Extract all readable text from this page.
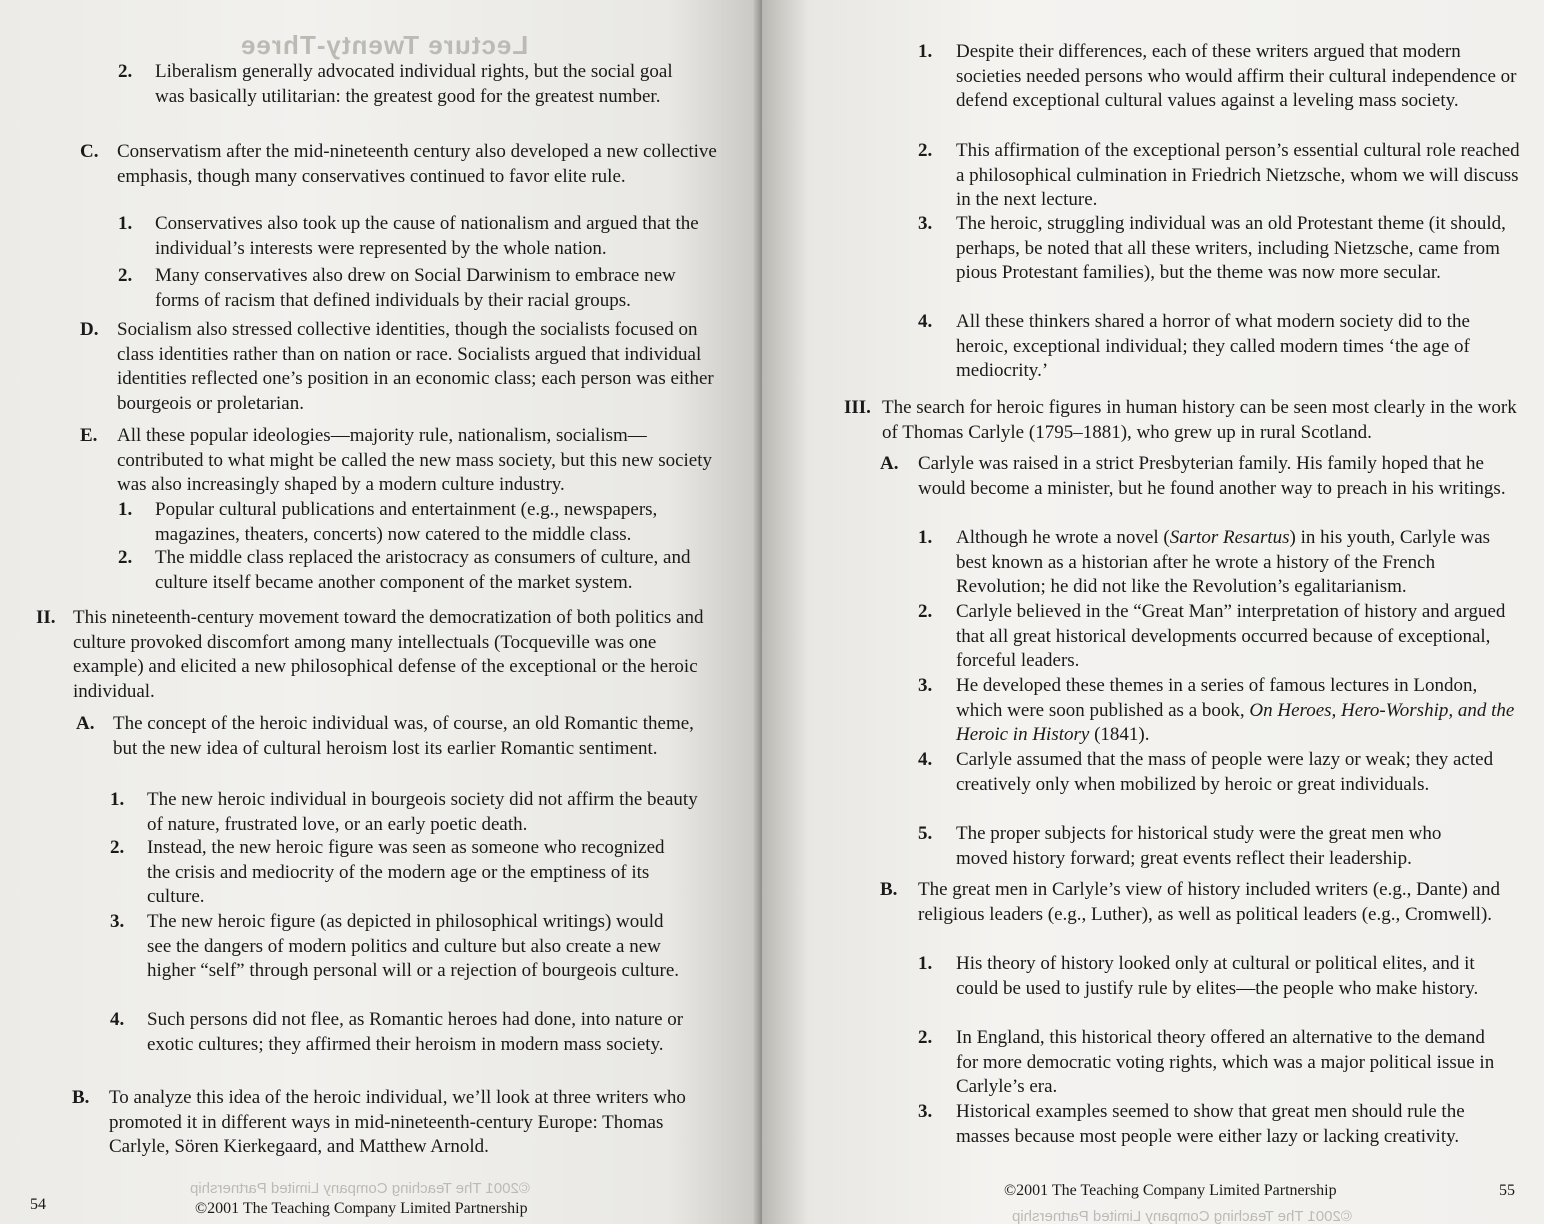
Lecture Twenty-Three
2. Liberalism generally advocated individual rights, but the social goal was basically utilitarian: the greatest good for the greatest number.
C. Conservatism after the mid-nineteenth century also developed a new collective emphasis, though many conservatives continued to favor elite rule.
1. Conservatives also took up the cause of nationalism and argued that the individual’s interests were represented by the whole nation.
2. Many conservatives also drew on Social Darwinism to embrace new forms of racism that defined individuals by their racial groups.
D. Socialism also stressed collective identities, though the socialists focused on class identities rather than on nation or race. Socialists argued that individual identities reflected one’s position in an economic class; each person was either bourgeois or proletarian.
E. All these popular ideologies—majority rule, nationalism, socialism—contributed to what might be called the new mass society, but this new society was also increasingly shaped by a modern culture industry.
1. Popular cultural publications and entertainment (e.g., newspapers, magazines, theaters, concerts) now catered to the middle class.
2. The middle class replaced the aristocracy as consumers of culture, and culture itself became another component of the market system.
II. This nineteenth-century movement toward the democratization of both politics and culture provoked discomfort among many intellectuals (Tocqueville was one example) and elicited a new philosophical defense of the exceptional or the heroic individual.
A. The concept of the heroic individual was, of course, an old Romantic theme, but the new idea of cultural heroism lost its earlier Romantic sentiment.
1. The new heroic individual in bourgeois society did not affirm the beauty of nature, frustrated love, or an early poetic death.
2. Instead, the new heroic figure was seen as someone who recognized the crisis and mediocrity of the modern age or the emptiness of its culture.
3. The new heroic figure (as depicted in philosophical writings) would see the dangers of modern politics and culture but also create a new higher “self” through personal will or a rejection of bourgeois culture.
4. Such persons did not flee, as Romantic heroes had done, into nature or exotic cultures; they affirmed their heroism in modern mass society.
B. To analyze this idea of the heroic individual, we’ll look at three writers who promoted it in different ways in mid-nineteenth-century Europe: Thomas Carlyle, Sören Kierkegaard, and Matthew Arnold.
54	©2001 The Teaching Company Limited Partnership
©2001 The Teaching Company Limited Partnership
1. Despite their differences, each of these writers argued that modern societies needed persons who would affirm their cultural independence or defend exceptional cultural values against a leveling mass society.
2. This affirmation of the exceptional person’s essential cultural role reached a philosophical culmination in Friedrich Nietzsche, whom we will discuss in the next lecture.
3. The heroic, struggling individual was an old Protestant theme (it should, perhaps, be noted that all these writers, including Nietzsche, came from pious Protestant families), but the theme was now more secular.
4. All these thinkers shared a horror of what modern society did to the heroic, exceptional individual; they called modern times ‘the age of mediocrity.’
III. The search for heroic figures in human history can be seen most clearly in the work of Thomas Carlyle (1795–1881), who grew up in rural Scotland.
A. Carlyle was raised in a strict Presbyterian family. His family hoped that he would become a minister, but he found another way to preach in his writings.
1. Although he wrote a novel (Sartor Resartus) in his youth, Carlyle was best known as a historian after he wrote a history of the French Revolution; he did not like the Revolution’s egalitarianism.
2. Carlyle believed in the “Great Man” interpretation of history and argued that all great historical developments occurred because of exceptional, forceful leaders.
3. He developed these themes in a series of famous lectures in London, which were soon published as a book, On Heroes, Hero-Worship, and the Heroic in History (1841).
4. Carlyle assumed that the mass of people were lazy or weak; they acted creatively only when mobilized by heroic or great individuals.
5. The proper subjects for historical study were the great men who moved history forward; great events reflect their leadership.
B. The great men in Carlyle’s view of history included writers (e.g., Dante) and religious leaders (e.g., Luther), as well as political leaders (e.g., Cromwell).
1. His theory of history looked only at cultural or political elites, and it could be used to justify rule by elites—the people who make history.
2. In England, this historical theory offered an alternative to the demand for more democratic voting rights, which was a major political issue in Carlyle’s era.
3. Historical examples seemed to show that great men should rule the masses because most people were either lazy or lacking creativity.
©2001 The Teaching Company Limited Partnership	55
©2001 The Teaching Company Limited Partnership
